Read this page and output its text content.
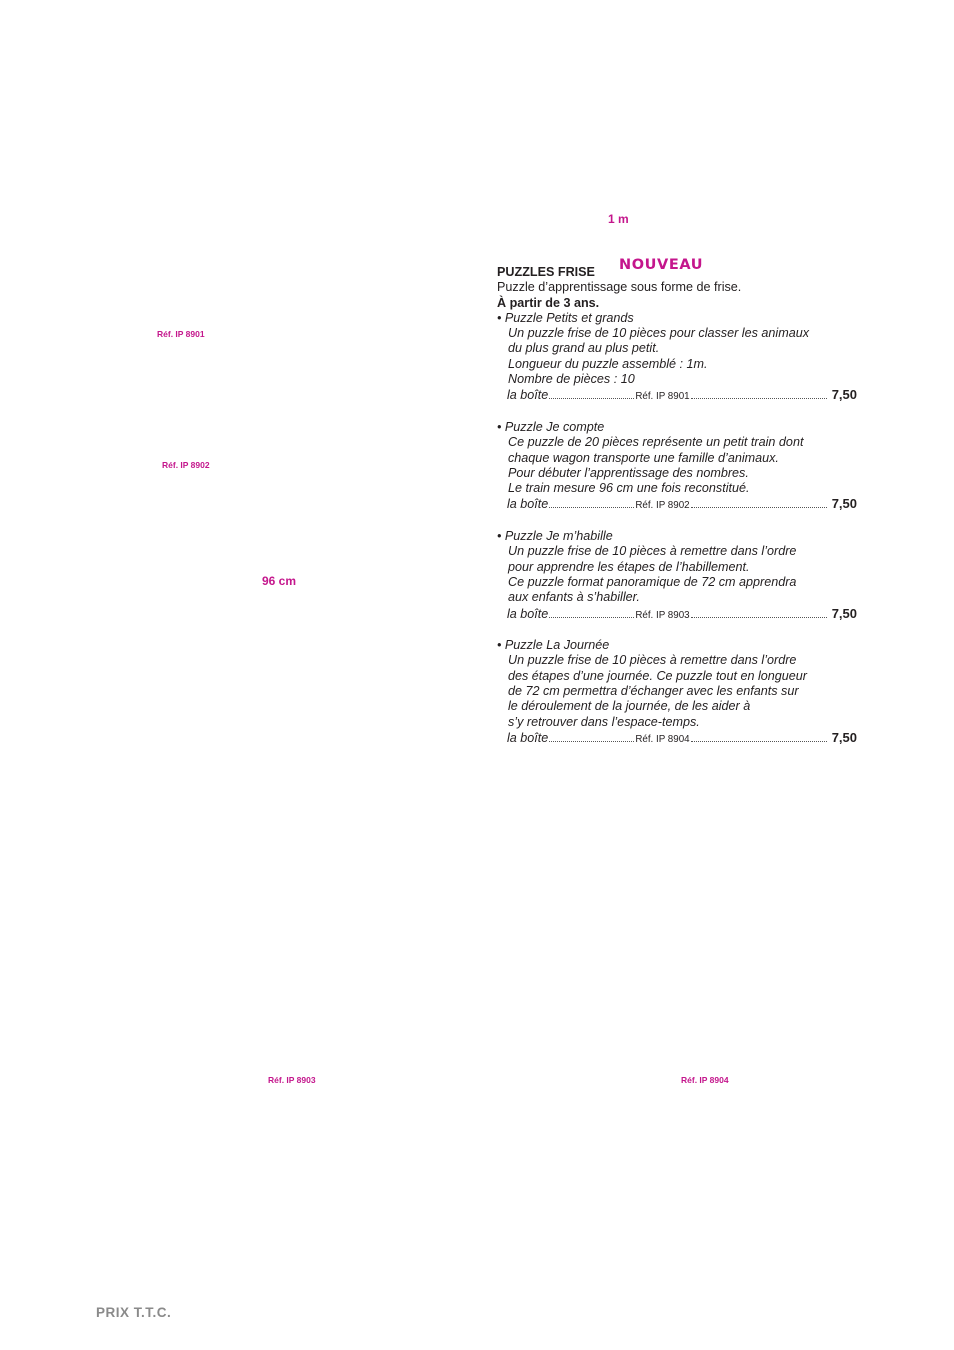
1 m
NOUVEAU
Réf. IP 8901
Réf. IP 8902
96 cm
Réf. IP 8903	Réf. IP 8904
PUZZLES FRISE
Puzzle d’apprentissage sous forme de frise.
À partir de 3 ans.
• Puzzle Petits et grands
Un puzzle frise de 10 pièces pour classer les animaux
du plus grand au plus petit.
Longueur du puzzle assemblé : 1m.
Nombre de pièces : 10
la boîte	Réf. IP 8901	7,50
• Puzzle Je compte
Ce puzzle de 20 pièces représente un petit train dont
chaque wagon transporte une famille d’animaux.
Pour débuter l’apprentissage des nombres.
Le train mesure 96 cm une fois reconstitué.
la boîte	Réf. IP 8902	7,50
• Puzzle Je m’habille
Un puzzle frise de 10 pièces à remettre dans l’ordre
pour apprendre les étapes de l’habillement.
Ce puzzle format panoramique de 72 cm apprendra
aux enfants à s’habiller.
la boîte	Réf. IP 8903	7,50
• Puzzle La Journée
Un puzzle frise de 10 pièces à remettre dans l’ordre
des étapes d’une journée. Ce puzzle tout en longueur
de 72 cm permettra d’échanger avec les enfants sur
le déroulement de la journée, de les aider à
s’y retrouver dans l’espace-temps.
la boîte	Réf. IP 8904	7,50
PRIX T.T.C.
